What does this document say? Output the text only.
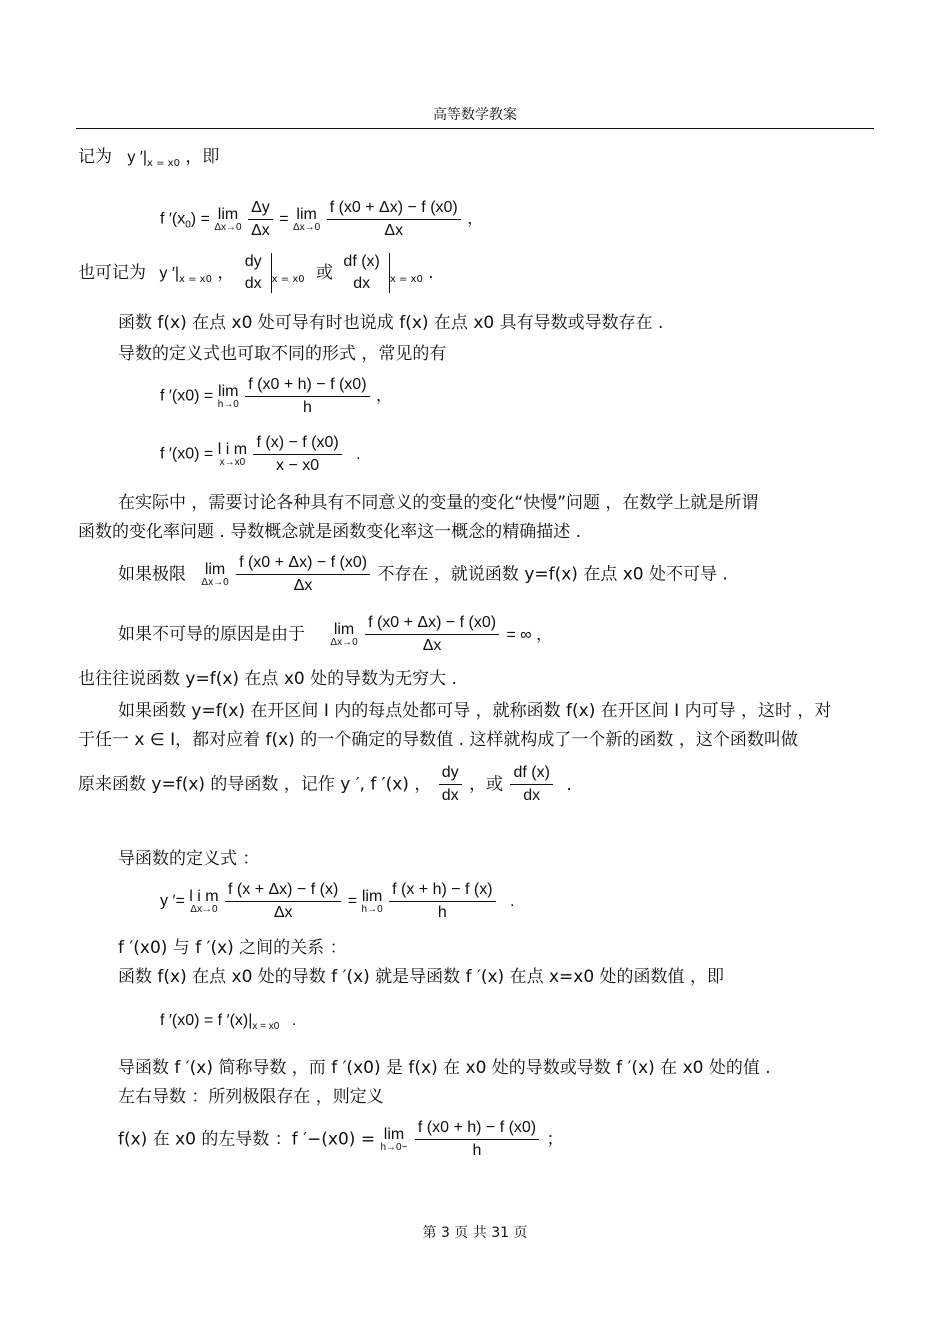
高等数学教案
记为 y $'|_{x = x0}$ ，即
f $'(x_0) = \lim$
Δx→0
$\frac{\Delta y}{\Delta x} = \lim$
Δx→0
$\frac{f (x0 + \Delta x) - f (x0)}{\Delta x}$ ，
也可记为 y $'|_{x = x0}$ ，
dy
dx	$_{x = x0}$ 或
df (x)
dx	$_{x = x0}$ .
函数 f(x) 在点 x0 处可导有时也说成 f(x) 在点 x0 具有导数或导数存在 .
导数的定义式也可取不同的形式 ，常见的有
f ′(x0) = lim
h→0
$\frac{f (x0 + h) - f (x0)}{h}$ ，
f ′(x0) = l i m
x→x0
$\frac{f (x) - f (x0)}{x - x0}$ .
在实际中 ，需要讨论各种具有不同意义的变量的变化“快慢”问题 ，在数学上就是所谓
函数的变化率问题 . 导数概念就是函数变化率这一概念的精确描述 .
如果极限 lim
Δx→0
$\frac{f (x0 + \Delta x) - f (x0)}{\Delta x}$ 不存在 ，就说函数 y=f(x) 在点 x0 处不可导 .
如果不可导的原因是由于 lim
Δx→0
$\frac{f (x0 + \Delta x) - f (x0)}{\Delta x}$ = ∞ ，
也往往说函数 y=f(x) 在点 x0 处的导数为无穷大 .
如果函数 y=f(x) 在开区间 I 内的每点处都可导 ，就称函数 f(x) 在开区间 I 内可导 ，这时 ，对
于任一 x ∈ I，都对应着 f(x) 的一个确定的导数值 . 这样就构成了一个新的函数 ，这个函数叫做
原来函数 y=f(x) 的导函数 ，记作 y ′, f ′(x) ， $\frac{dy}{dx}$ ，或 $\frac{df (x)}{dx}$ .
导函数的定义式 ：
y ′= l i m
Δx→0
$\frac{f (x + \Delta x) - f (x)}{\Delta x} = \lim$
h→0
$\frac{f (x + h) - f (x)}{h}$ .
f ′(x0) 与 f ′(x) 之间的关系 ：
函数 f(x) 在点 x0 处的导数 f ′(x) 就是导函数 f ′(x) 在点 x=x0 处的函数值 ，即
f ′(x0) = f $'(x)|_{x = x0}$ .
导函数 f ′(x) 简称导数 ，而 f ′(x0) 是 f(x) 在 x0 处的导数或导数 f ′(x) 在 x0 处的值 .
左右导数 ：所列极限存在 ，则定义
f(x) 在 x0 的左导数 ：f ′−(x0) = lim
h→0−
$\frac{f (x0 + h) - f (x0)}{h}$ ；
第 3 页 共 31 页
